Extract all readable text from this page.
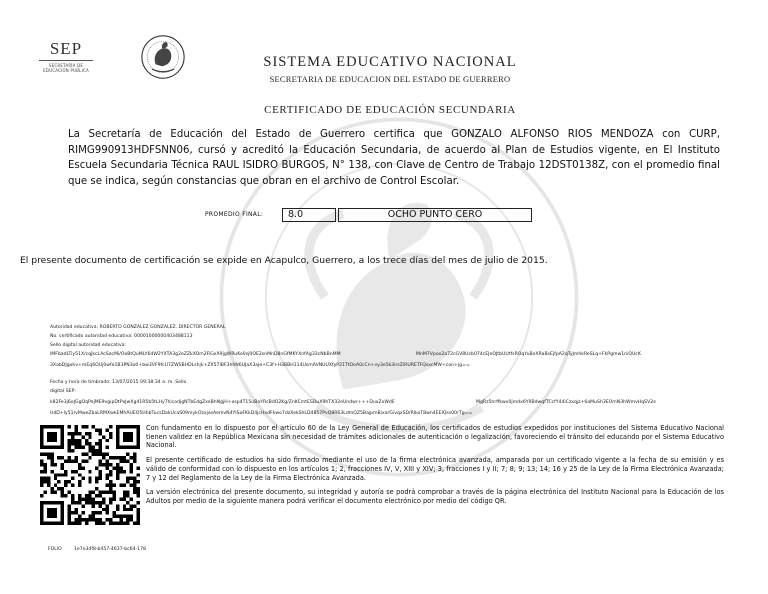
SEP
SECRETARÍA DE EDUCACIÓN PÚBLICA
SISTEMA EDUCATIVO NACIONAL
SECRETARIA DE EDUCACION DEL ESTADO DE GUERRERO
CERTIFICADO DE EDUCACIÓN SECUNDARIA
La Secretaría de Educación del Estado de Guerrero certifica que GONZALO ALFONSO RIOS MENDOZA con CURP, RIMG990913HDFSNN06, cursó y acreditó la Educación Secundaria, de acuerdo al Plan de Estudios vigente, en El Instituto Escuela Secundaria Técnica RAUL ISIDRO BURGOS, N° 138, con Clave de Centro de Trabajo 12DST0138Z, con el promedio final que se indica, según constancias que obran en el archivo de Control Escolar.
PROMEDIO FINAL:	8.0	OCHO PUNTO CERO
El presente documento de certificación se expide en Acapulco, Guerrero, a los trece días del mes de julio de 2015.
Autoridad educativa: ROBERTO GONZALEZ GONZALEZ. DIRECTOR GENERAL
No. certificado autoridad educativa: 00001000000403488113
Sello digital autoridad educativa:
lMFbadLTiy51X/cqjkcLAcSacMi/OoBtQuMLY6dW2YXTA3g2eZZkXOm2FiGxX9jgWRuKo0sj0OE2snMnD8nGfMKYXnfAg33cNbBnMM	MnM7Vpoo2a72cGV8Ucb074cEJoOJtbUUtfsROqYuBoXRaBsEjfpA2qTyJmhkReSLq+FkPgmw1niQUcK
3XabDJgohv+mEq6OUj0wfe1B3PN3o0+bw3VF9fcU7ZWSBHDLshjk+ZX57lBF3hhN6UJaX3aje+C3f+H3BBH114UsmAVNUUXfyP21TtOoA0cCn+vy3e5k3irsZiRURETFQsxcMW+con+jg==
Fecha y hora de timbrado: 13/07/2015 09:38:34 a. m. Sello
digital SEP:
k82Fe3j6eJGgOqPejME9vgipDtPxJwXg41R5b5tLHyThicodjgNTbEdgZxeBhNgjH+esp4T15uBaYRcBdO2Kg/ZnKCmtESDuX9hTX32eUndwr+++DuxZxWdE	MgRz5hrffkwx0jmdx6Y9BdwqfTCcfY44iCzxqjz+6aMuSh3EOmN3hWmvHqSV2e
UdD+Iy51/vMweZbaLRMXwkEMhAUEO5HhbTucsDakUcaS09mykOzxjasAemvN4YISoFKkD4jcHxdFkwo7dzXekShLD4857PvQ8R63LdmQZ5BajpmBixarGivqxSD/RlkoT8wn4EEIQss00rTg==

Con fundamento en lo dispuesto por el artículo 60 de la Ley General de Educación, los certificados de estudios expedidos por instituciones del Sistema Educativo Nacional tienen validez en la República Mexicana sin necesidad de trámites adicionales de autenticación o legalización, favoreciendo el tránsito del educando por el Sistema Educativo Nacional.

El presente certificado de estudios ha sido firmado mediante el uso de la firma electrónica avanzada, amparada por un certificado vigente a la fecha de su emisión y es válido de conformidad con lo dispuesto en los artículos 1; 2, fracciones IV, V, XIII y XIV; 3, fracciones I y II; 7; 8; 9; 13; 14; 16 y 25 de la Ley de la Firma Electrónica Avanzada; 7 y 12 del Reglamento de la Ley de la Firma Electrónica Avanzada.

La versión electrónica del presente documento, su integridad y autoría se podrá comprobar a través de la página electrónica del Instituto Nacional para la Educación de los Adultos por medio de la siguiente manera podrá verificar el documento electrónico por medio del código QR.

FOLIO	1e7e34f8-b457-4637-bc64-178
